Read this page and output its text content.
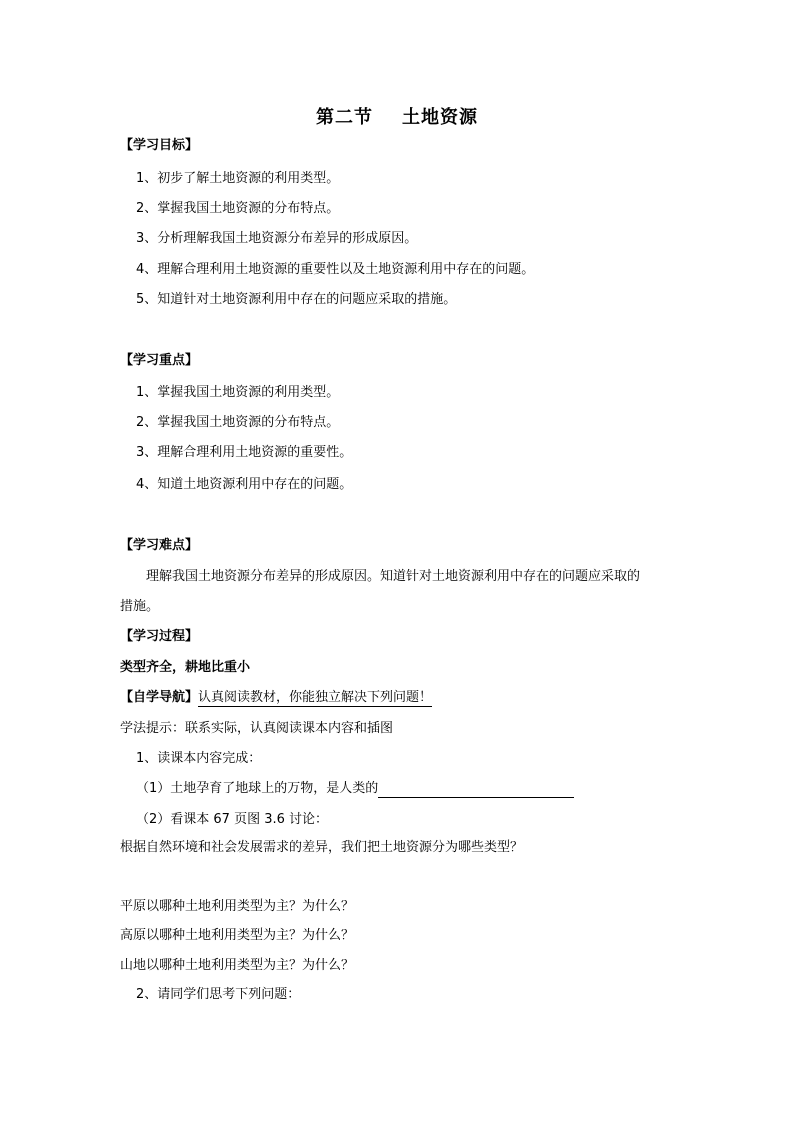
第二节    土地资源
【学习目标】
1、初步了解土地资源的利用类型。
2、掌握我国土地资源的分布特点。
3、分析理解我国土地资源分布差异的形成原因。
4、理解合理利用土地资源的重要性以及土地资源利用中存在的问题。
5、知道针对土地资源利用中存在的问题应采取的措施。
【学习重点】
1、掌握我国土地资源的利用类型。
2、掌握我国土地资源的分布特点。
3、理解合理利用土地资源的重要性。
4、知道土地资源利用中存在的问题。
【学习难点】
理解我国土地资源分布差异的形成原因。知道针对土地资源利用中存在的问题应采取的
措施。
【学习过程】
类型齐全，耕地比重小
【自学导航】认真阅读教材，你能独立解决下列问题！
学法提示：联系实际，认真阅读课本内容和插图
1、读课本内容完成：
（1）土地孕育了地球上的万物，是人类的
（2）看课本 67 页图 3.6 讨论：
根据自然环境和社会发展需求的差异，我们把土地资源分为哪些类型？
平原以哪种土地利用类型为主？为什么？
高原以哪种土地利用类型为主？为什么？
山地以哪种土地利用类型为主？为什么？
2、请同学们思考下列问题：
